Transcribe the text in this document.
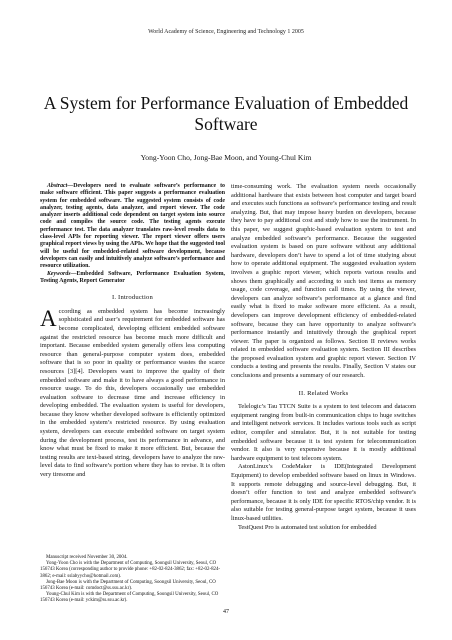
World Academy of Science, Engineering and Technology 1 2005
A System for Performance Evaluation of Embedded Software
Yong-Yoon Cho, Jong-Bae Moon, and Young-Chul Kim

Abstract—Developers need to evaluate software’s performance to make software efficient. This paper suggests a performance evaluation system for embedded software. The suggested system consists of code analyzer, testing agents, data analyzer, and report viewer. The code analyzer inserts additional code dependent on target system into source code and compiles the source code. The testing agents execute performance test. The data analyzer translates raw-level results data to class-level APIs for reporting viewer. The report viewer offers users graphical report views by using the APIs. We hope that the suggested tool will be useful for embedded-related software development, because developers can easily and intuitively analyze software’s performance and resource utilization.

Keywords—Embedded Software, Performance Evaluation System, Testing Agents, Report Generator

I. Introduction

According as embedded system has become increasingly sophisticated and user’s requirement for embedded software has become complicated, developing efficient embedded software against the restricted resource has become much more difficult and important. Because embedded system generally offers less computing resource than general-purpose computer system does, embedded software that is so poor in quality or performance wastes the scarce resources [3][4]. Developers want to improve the quality of their embedded software and make it to have always a good performance in resource usage. To do this, developers occasionally use embedded evaluation software to decrease time and increase efficiency in developing embedded. The evaluation system is useful for developers, because they know whether developed software is efficiently optimized in the embedded system’s restricted resource. By using evaluation system, developers can execute embedded software on target system during the development process, test its performance in advance, and know what must be fixed to make it more efficient. But, because the testing results are text-based string, developers have to analyze the raw-level data to find software’s portion where they has to revise. It is often very tiresome and

Manuscript received November 30, 2004.

Yong-Yoon Cho is with the Department of Computing, Soongsil University, Seoul, CO 156743 Korea (corresponding author to provide phone: +82-02-824-3862; fax: +82-02-824-3862; e-mail: sslabyycho@hotmail.com).

Jong-Bae Moon is with the Department of Computing, Soongsil University, Seoul, CO 156743 Korea (e-mail: comdoct@ss.ssu.ac.kr).

Young-Chul Kim is with the Department of Computing, Soongsil University, Seoul, CO 156743 Korea (e-mail: yckim@ss.ssu.ac.kr).

time-consuming work. The evaluation system needs occasionally additional hardware that exists between host computer and target board and executes such functions as software’s performance testing and result analyzing. But, that may impose heavy burden on developers, because they have to pay additional cost and study how to use the instrument. In this paper, we suggest graphic-based evaluation system to test and analyze embedded software’s performance. Because the suggested evaluation system is based on pure software without any additional hardware, developers don’t have to spend a lot of time studying about how to operate additional equipment. The suggested evaluation system involves a graphic report viewer, which reports various results and shows them graphically and according to such test items as memory usage, code coverage, and function call times. By using the viewer, developers can analyze software’s performance at a glance and find easily what is fixed to make software more efficient. As a result, developers can improve development efficiency of embedded-related software, because they can have opportunity to analyze software’s performance instantly and intuitively through the graphical report viewer. The paper is organized as follows. Section II reviews works related in embedded software evaluation system. Section III describes the proposed evaluation system and graphic report viewer. Section IV conducts a testing and presents the results. Finally, Section V states our conclusions and presents a summary of our research.

II. Related Works

Telelogic’s Tau TTCN Suite is a system to test telecom and datacom equipment ranging from built-in communication chips to huge switches and intelligent network services. It includes various tools such as script editor, compiler and simulator. But, it is not suitable for testing embedded software because it is test system for telecommunication vendor. It also is very expensive because it is mostly additional hardware equipment to test telecom system.

AstonLinux’s CodeMaker is IDE(Integrated Development Equipment) to develop embedded software based on linux in Windows. It supports remote debugging and source-level debugging. But, it doesn’t offer function to test and analyze embedded software’s performance, because it is only IDE for specific RTOS/chip vendor. It is also suitable for testing general-purpose target system, because it uses linux-based utilities.

TestQuest Pro is automated test solution for embedded

47
